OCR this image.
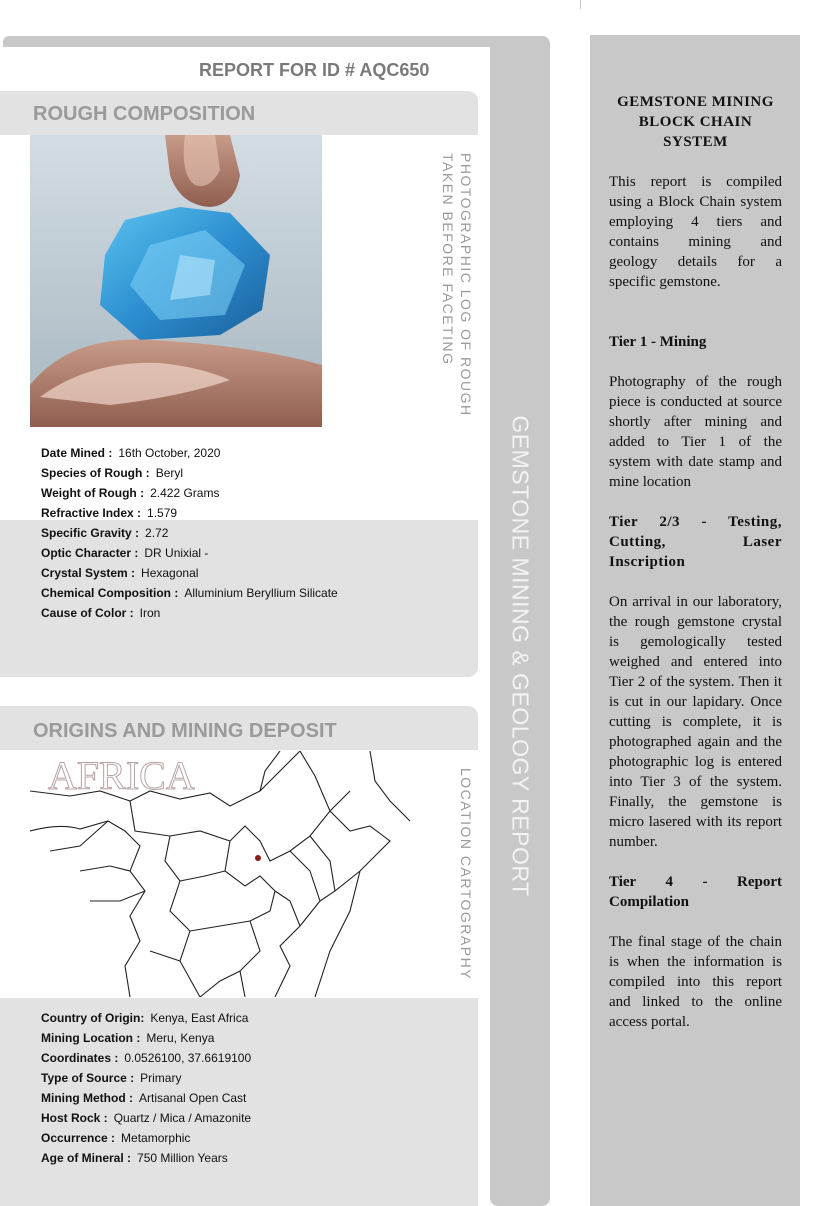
GEMSTONE MINING & GEOLOGY REPORT
REPORT FOR ID # AQC650
ROUGH COMPOSITION
PHOTOGRAPHIC LOG OF ROUGH
TAKEN BEFORE FACETING
Date Mined : 16th October, 2020
Species of Rough : Beryl
Weight of Rough : 2.422 Grams
Refractive Index : 1.579
Specific Gravity : 2.72
Optic Character : DR Unixial -
Crystal System : Hexagonal
Chemical Composition : Alluminium Beryllium Silicate
Cause of Color : Iron
ORIGINS AND MINING DEPOSIT
AFRICA	LOCATION CARTOGRAPHY
Country of Origin: Kenya, East Africa
Mining Location : Meru, Kenya
Coordinates : 0.0526100, 37.6619100
Type of Source : Primary
Mining Method : Artisanal Open Cast
Host Rock : Quartz / Mica / Amazonite
Occurrence : Metamorphic
Age of Mineral : 750 Million Years
GEMSTONE MINING BLOCK CHAIN SYSTEM

This report is compiled using a Block Chain system employing 4 tiers and contains mining and geology details for a specific gemstone.

Tier 1 - Mining

Photography of the rough piece is conducted at source shortly after mining and added to Tier 1 of the system with date stamp and mine location

Tier 2/3 - Testing, Cutting, Laser Inscription

On arrival in our laboratory, the rough gemstone crystal is gemologically tested weighed and entered into Tier 2 of the system. Then it is cut in our lapidary. Once cutting is complete, it is photographed again and the photographic log is entered into Tier 3 of the system. Finally, the gemstone is micro lasered with its report number.

Tier 4 - Report Compilation

The final stage of the chain is when the information is compiled into this report and linked to the online access portal.
